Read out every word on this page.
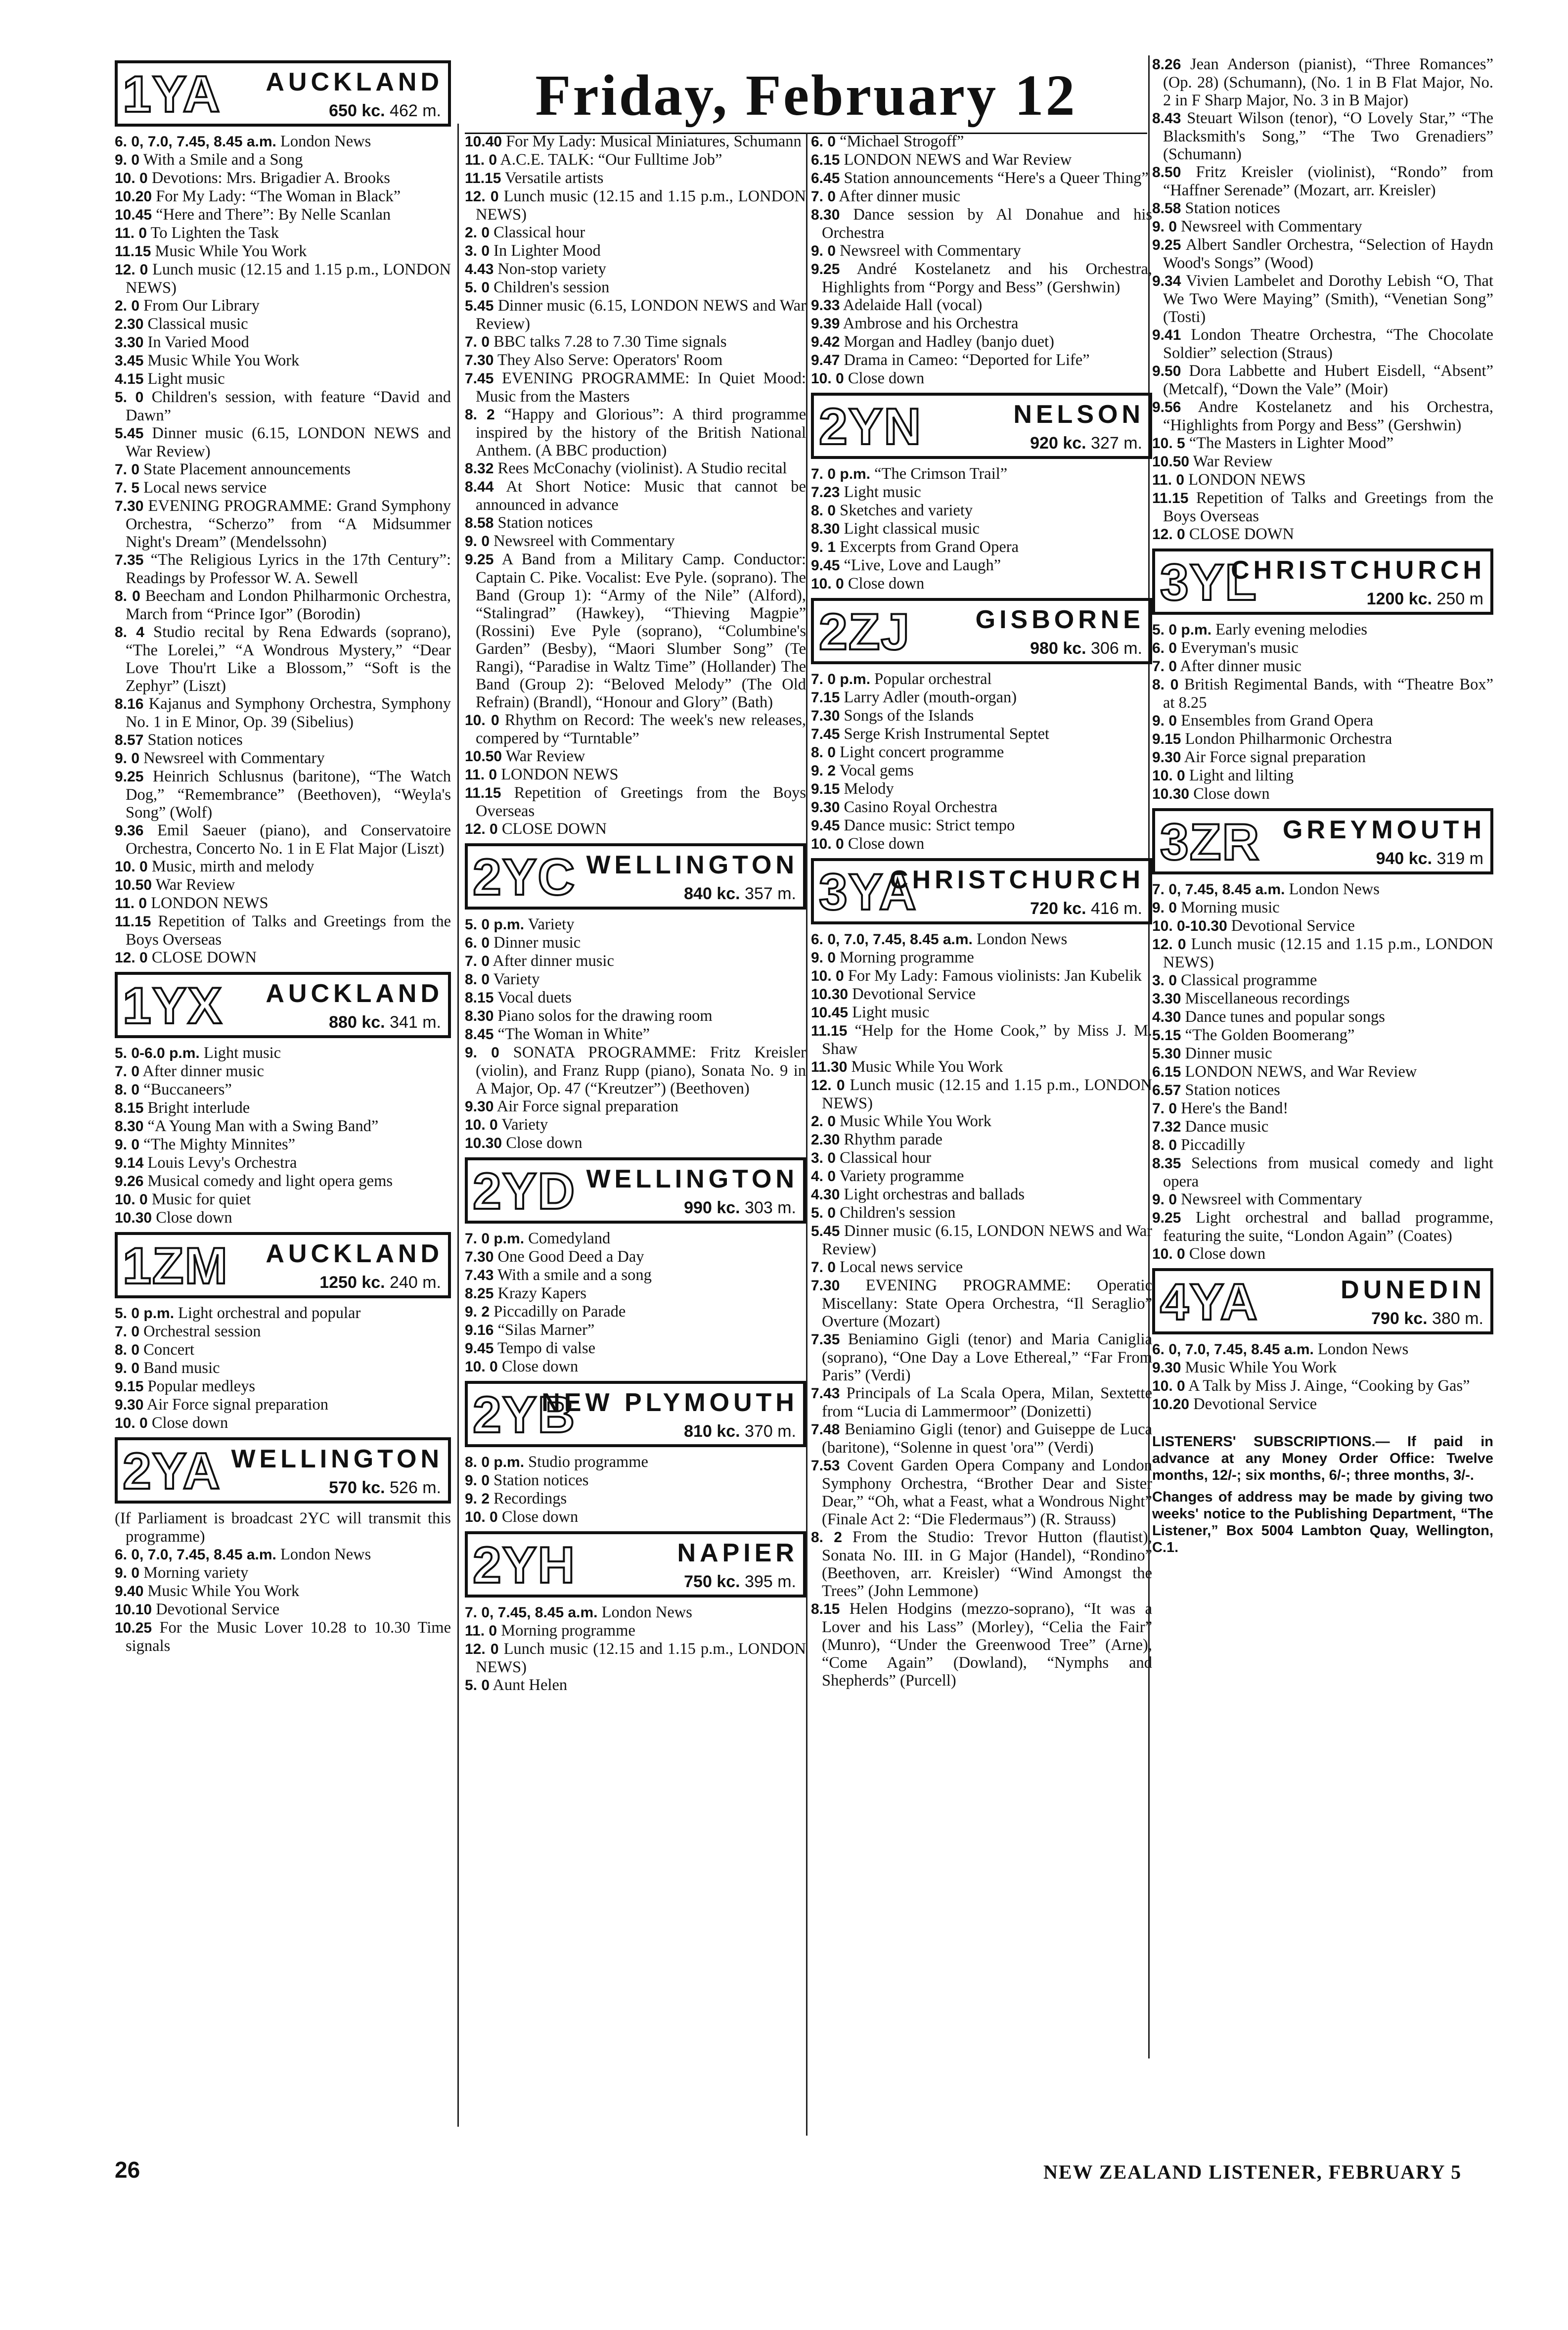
Friday, February 12
1YA AUCKLAND
650 kc. 462 m.
6. 0, 7.0, 7.45, 8.45 a.m. London News
9. 0 With a Smile and a Song
10. 0 Devotions: Mrs. Brigadier A. Brooks
10.20 For My Lady: “The Woman in Black”
10.45 “Here and There”: By Nelle Scanlan
11. 0 To Lighten the Task
11.15 Music While You Work
12. 0 Lunch music (12.15 and 1.15 p.m., LONDON NEWS)
2. 0 From Our Library
2.30 Classical music
3.30 In Varied Mood
3.45 Music While You Work
4.15 Light music
5. 0 Children's session, with feature “David and Dawn”
5.45 Dinner music (6.15, LONDON NEWS and War Review)
7. 0 State Placement announcements
7. 5 Local news service
7.30 EVENING PROGRAMME: Grand Symphony Orchestra, “Scherzo” from “A Midsummer Night's Dream” (Mendelssohn)
7.35 “The Religious Lyrics in the 17th Century”: Readings by Professor W. A. Sewell
8. 0 Beecham and London Philharmonic Orchestra, March from “Prince Igor” (Borodin)
8. 4 Studio recital by Rena Edwards (soprano), “The Lorelei,” “A Wondrous Mystery,” “Dear Love Thou'rt Like a Blossom,” “Soft is the Zephyr” (Liszt)
8.16 Kajanus and Symphony Orchestra, Symphony No. 1 in E Minor, Op. 39 (Sibelius)
8.57 Station notices
9. 0 Newsreel with Commentary
9.25 Heinrich Schlusnus (baritone), “The Watch Dog,” “Remembrance” (Beethoven), “Weyla's Song” (Wolf)
9.36 Emil Saeuer (piano), and Conservatoire Orchestra, Concerto No. 1 in E Flat Major (Liszt)
10. 0 Music, mirth and melody
10.50 War Review
11. 0 LONDON NEWS
11.15 Repetition of Talks and Greetings from the Boys Overseas
12. 0 CLOSE DOWN
1YX AUCKLAND
880 kc. 341 m.
5. 0-6.0 p.m. Light music
7. 0 After dinner music
8. 0 “Buccaneers”
8.15 Bright interlude
8.30 “A Young Man with a Swing Band”
9. 0 “The Mighty Minnites”
9.14 Louis Levy's Orchestra
9.26 Musical comedy and light opera gems
10. 0 Music for quiet
10.30 Close down
1ZM AUCKLAND
1250 kc. 240 m.
5. 0 p.m. Light orchestral and popular
7. 0 Orchestral session
8. 0 Concert
9. 0 Band music
9.15 Popular medleys
9.30 Air Force signal preparation
10. 0 Close down
2YA WELLINGTON
570 kc. 526 m.
(If Parliament is broadcast 2YC will transmit this programme)
6. 0, 7.0, 7.45, 8.45 a.m. London News
9. 0 Morning variety
9.40 Music While You Work
10.10 Devotional Service
10.25 For the Music Lover 10.28 to 10.30 Time signals
10.40 For My Lady: Musical Miniatures, Schumann
11. 0 A.C.E. TALK: “Our Fulltime Job”
11.15 Versatile artists
12. 0 Lunch music (12.15 and 1.15 p.m., LONDON NEWS)
2. 0 Classical hour
3. 0 In Lighter Mood
4.43 Non-stop variety
5. 0 Children's session
5.45 Dinner music (6.15, LONDON NEWS and War Review)
7. 0 BBC talks 7.28 to 7.30 Time signals
7.30 They Also Serve: Operators' Room
7.45 EVENING PROGRAMME: In Quiet Mood: Music from the Masters
8. 2 “Happy and Glorious”: A third programme inspired by the history of the British National Anthem. (A BBC production)
8.32 Rees McConachy (violinist). A Studio recital
8.44 At Short Notice: Music that cannot be announced in advance
8.58 Station notices
9. 0 Newsreel with Commentary
9.25 A Band from a Military Camp. Conductor: Captain C. Pike. Vocalist: Eve Pyle. (soprano). The Band (Group 1): “Army of the Nile” (Alford), “Stalingrad” (Hawkey), “Thieving Magpie” (Rossini) Eve Pyle (soprano), “Columbine's Garden” (Besby), “Maori Slumber Song” (Te Rangi), “Paradise in Waltz Time” (Hollander) The Band (Group 2): “Beloved Melody” (The Old Refrain) (Brandl), “Honour and Glory” (Bath)
10. 0 Rhythm on Record: The week's new releases, compered by “Turntable”
10.50 War Review
11. 0 LONDON NEWS
11.15 Repetition of Greetings from the Boys Overseas
12. 0 CLOSE DOWN
2YC WELLINGTON
840 kc. 357 m.
5. 0 p.m. Variety
6. 0 Dinner music
7. 0 After dinner music
8. 0 Variety
8.15 Vocal duets
8.30 Piano solos for the drawing room
8.45 “The Woman in White”
9. 0 SONATA PROGRAMME: Fritz Kreisler (violin), and Franz Rupp (piano), Sonata No. 9 in A Major, Op. 47 (“Kreutzer”) (Beethoven)
9.30 Air Force signal preparation
10. 0 Variety
10.30 Close down
2YD WELLINGTON
990 kc. 303 m.
7. 0 p.m. Comedyland
7.30 One Good Deed a Day
7.43 With a smile and a song
8.25 Krazy Kapers
9. 2 Piccadilly on Parade
9.16 “Silas Marner”
9.45 Tempo di valse
10. 0 Close down
2YB
NEW PLYMOUTH
810 kc. 370 m.
8. 0 p.m. Studio programme
9. 0 Station notices
9. 2 Recordings
10. 0 Close down
2YH	NAPIER
750 kc. 395 m.
7. 0, 7.45, 8.45 a.m. London News
11. 0 Morning programme
12. 0 Lunch music (12.15 and 1.15 p.m., LONDON NEWS)
5. 0 Aunt Helen
6. 0 “Michael Strogoff”
6.15 LONDON NEWS and War Review
6.45 Station announcements “Here's a Queer Thing”
7. 0 After dinner music
8.30 Dance session by Al Donahue and his Orchestra
9. 0 Newsreel with Commentary
9.25 André Kostelanetz and his Orchestra, Highlights from “Porgy and Bess” (Gershwin)
9.33 Adelaide Hall (vocal)
9.39 Ambrose and his Orchestra
9.42 Morgan and Hadley (banjo duet)
9.47 Drama in Cameo: “Deported for Life”
10. 0 Close down
2YN	NELSON
920 kc. 327 m.
7. 0 p.m. “The Crimson Trail”
7.23 Light music
8. 0 Sketches and variety
8.30 Light classical music
9. 1 Excerpts from Grand Opera
9.45 “Live, Love and Laugh”
10. 0 Close down
2ZJ	GISBORNE
980 kc. 306 m.
7. 0 p.m. Popular orchestral
7.15 Larry Adler (mouth-organ)
7.30 Songs of the Islands
7.45 Serge Krish Instrumental Septet
8. 0 Light concert programme
9. 2 Vocal gems
9.15 Melody
9.30 Casino Royal Orchestra
9.45 Dance music: Strict tempo
10. 0 Close down
3YA
CHRISTCHURCH
720 kc. 416 m.
6. 0, 7.0, 7.45, 8.45 a.m. London News
9. 0 Morning programme
10. 0 For My Lady: Famous violinists: Jan Kubelik
10.30 Devotional Service
10.45 Light music
11.15 “Help for the Home Cook,” by Miss J. M. Shaw
11.30 Music While You Work
12. 0 Lunch music (12.15 and 1.15 p.m., LONDON NEWS)
2. 0 Music While You Work
2.30 Rhythm parade
3. 0 Classical hour
4. 0 Variety programme
4.30 Light orchestras and ballads
5. 0 Children's session
5.45 Dinner music (6.15, LONDON NEWS and War Review)
7. 0 Local news service
7.30 EVENING PROGRAMME: Operatic Miscellany: State Opera Orchestra, “Il Seraglio” Overture (Mozart)
7.35 Beniamino Gigli (tenor) and Maria Caniglia (soprano), “One Day a Love Ethereal,” “Far From Paris” (Verdi)
7.43 Principals of La Scala Opera, Milan, Sextette from “Lucia di Lammermoor” (Donizetti)
7.48 Beniamino Gigli (tenor) and Guiseppe de Luca (baritone), “Solenne in quest 'ora'” (Verdi)
7.53 Covent Garden Opera Company and London Symphony Orchestra, “Brother Dear and Sister Dear,” “Oh, what a Feast, what a Wondrous Night” (Finale Act 2: “Die Fledermaus”) (R. Strauss)
8. 2 From the Studio: Trevor Hutton (flautist), Sonata No. III. in G Major (Handel), “Rondino” (Beethoven, arr. Kreisler) “Wind Amongst the Trees” (John Lemmone)
8.15 Helen Hodgins (mezzo-soprano), “It was a Lover and his Lass” (Morley), “Celia the Fair” (Munro), “Under the Greenwood Tree” (Arne), “Come Again” (Dowland), “Nymphs and Shepherds” (Purcell)
8.26 Jean Anderson (pianist), “Three Romances” (Op. 28) (Schumann), (No. 1 in B Flat Major, No. 2 in F Sharp Major, No. 3 in B Major)
8.43 Steuart Wilson (tenor), “O Lovely Star,” “The Blacksmith's Song,” “The Two Grenadiers” (Schumann)
8.50 Fritz Kreisler (violinist), “Rondo” from “Haffner Serenade” (Mozart, arr. Kreisler)
8.58 Station notices
9. 0 Newsreel with Commentary
9.25 Albert Sandler Orchestra, “Selection of Haydn Wood's Songs” (Wood)
9.34 Vivien Lambelet and Dorothy Lebish “O, That We Two Were Maying” (Smith), “Venetian Song” (Tosti)
9.41 London Theatre Orchestra, “The Chocolate Soldier” selection (Straus)
9.50 Dora Labbette and Hubert Eisdell, “Absent” (Metcalf), “Down the Vale” (Moir)
9.56 Andre Kostelanetz and his Orchestra, “Highlights from Porgy and Bess” (Gershwin)
10. 5 “The Masters in Lighter Mood”
10.50 War Review
11. 0 LONDON NEWS
11.15 Repetition of Talks and Greetings from the Boys Overseas
12. 0 CLOSE DOWN
3YL
CHRISTCHURCH
1200 kc. 250 m
5. 0 p.m. Early evening melodies
6. 0 Everyman's music
7. 0 After dinner music
8. 0 British Regimental Bands, with “Theatre Box” at 8.25
9. 0 Ensembles from Grand Opera
9.15 London Philharmonic Orchestra
9.30 Air Force signal preparation
10. 0 Light and lilting
10.30 Close down
3ZR GREYMOUTH
940 kc. 319 m
7. 0, 7.45, 8.45 a.m. London News
9. 0 Morning music
10. 0-10.30 Devotional Service
12. 0 Lunch music (12.15 and 1.15 p.m., LONDON NEWS)
3. 0 Classical programme
3.30 Miscellaneous recordings
4.30 Dance tunes and popular songs
5.15 “The Golden Boomerang”
5.30 Dinner music
6.15 LONDON NEWS, and War Review
6.57 Station notices
7. 0 Here's the Band!
7.32 Dance music
8. 0 Piccadilly
8.35 Selections from musical comedy and light opera
9. 0 Newsreel with Commentary
9.25 Light orchestral and ballad programme, featuring the suite, “London Again” (Coates)
10. 0 Close down
4YA	DUNEDIN
790 kc. 380 m.
6. 0, 7.0, 7.45, 8.45 a.m. London News
9.30 Music While You Work
10. 0 A Talk by Miss J. Ainge, “Cooking by Gas”
10.20 Devotional Service

LISTENERS' SUBSCRIPTIONS.— If paid in advance at any Money Order Office: Twelve months, 12/-; six months, 6/-; three months, 3/-.

Changes of address may be made by giving two weeks' notice to the Publishing Department, “The Listener,” Box 5004 Lambton Quay, Wellington, C.1.

26	NEW ZEALAND LISTENER, FEBRUARY 5
